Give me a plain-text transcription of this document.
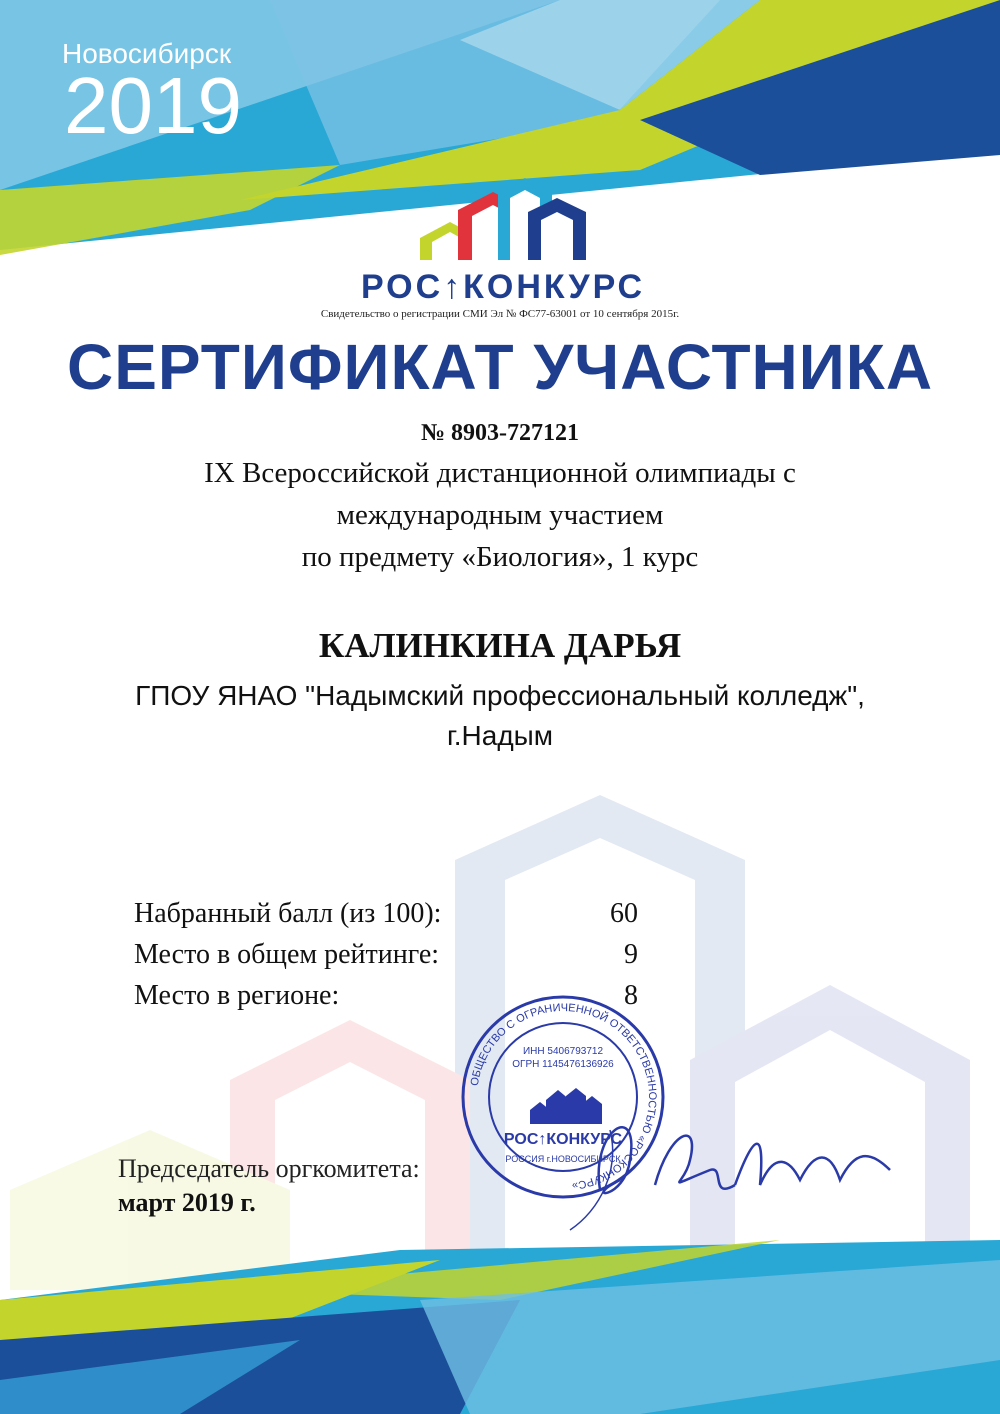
Новосибирск
2019
РОС↑КОНКУРС
Свидетельство о регистрации СМИ Эл № ФС77-63001 от 10 сентября 2015г.
СЕРТИФИКАТ УЧАСТНИКА
№ 8903-727121
IX Всероссийской дистанционной олимпиады с
международным участием
по предмету «Биология», 1 курс
КАЛИНКИНА ДАРЬЯ
ГПОУ ЯНАО "Надымский профессиональный колледж",
г.Надым
Набранный балл (из 100):	60
Место в общем рейтинге:	9
Место в регионе:	8
ОБЩЕСТВО С ОГРАНИЧЕННОЙ ОТВЕТСТВЕННОСТЬЮ «РОСКОНКУРС»
ИНН 5406793712
ОГРН 1145476136926
РОС↑КОНКУРС
РОССИЯ г.НОВОСИБИРСК
Председатель оргкомитета:
март 2019 г.
